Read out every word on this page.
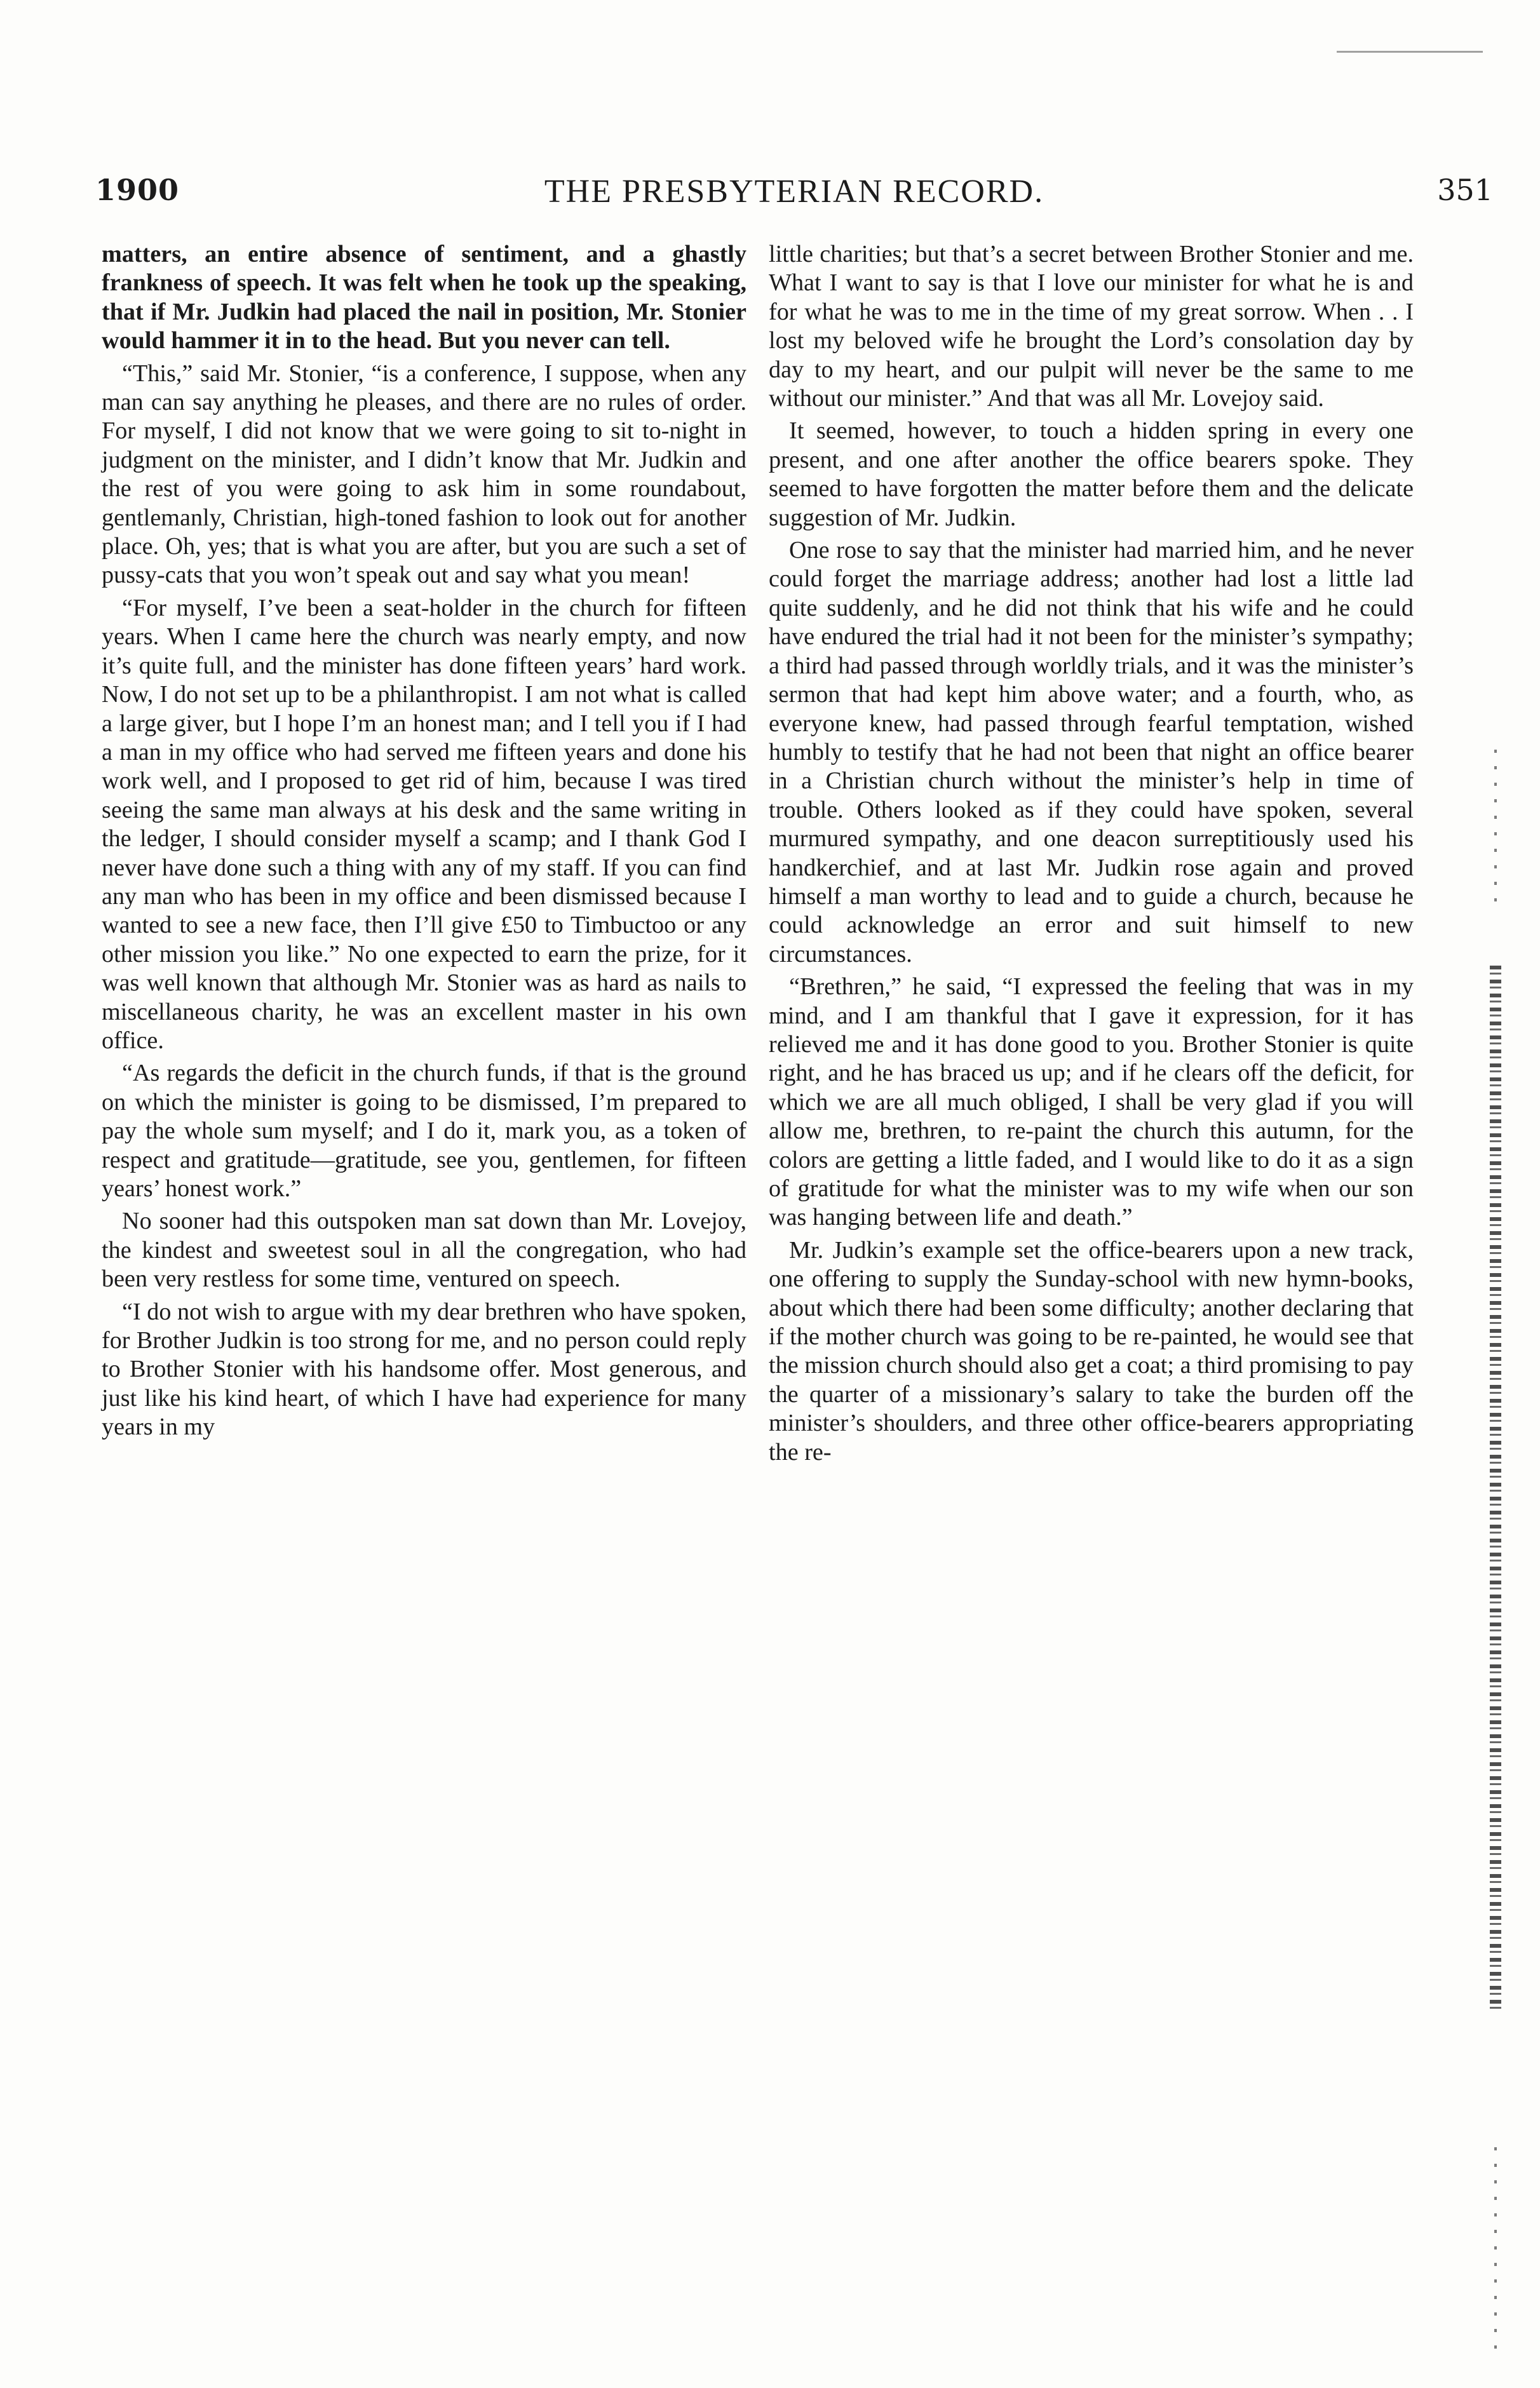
1900	THE PRESBYTERIAN RECORD.	351

matters, an entire absence of sentiment, and a ghastly frankness of speech. It was felt when he took up the speaking, that if Mr. Judkin had placed the nail in position, Mr. Stonier would hammer it in to the head. But you never can tell.

“This,” said Mr. Stonier, “is a conference, I suppose, when any man can say anything he pleases, and there are no rules of order. For myself, I did not know that we were going to sit to-night in judgment on the minister, and I didn’t know that Mr. Judkin and the rest of you were going to ask him in some roundabout, gentlemanly, Christian, high-toned fashion to look out for another place. Oh, yes; that is what you are after, but you are such a set of pussy-cats that you won’t speak out and say what you mean!

“For myself, I’ve been a seat-holder in the church for fifteen years. When I came here the church was nearly empty, and now it’s quite full, and the minister has done fifteen years’ hard work. Now, I do not set up to be a philanthropist. I am not what is called a large giver, but I hope I’m an honest man; and I tell you if I had a man in my office who had served me fifteen years and done his work well, and I proposed to get rid of him, because I was tired seeing the same man always at his desk and the same writing in the ledger, I should consider myself a scamp; and I thank God I never have done such a thing with any of my staff. If you can find any man who has been in my office and been dismissed because I wanted to see a new face, then I’ll give £50 to Timbuctoo or any other mission you like.” No one expected to earn the prize, for it was well known that although Mr. Stonier was as hard as nails to miscellaneous charity, he was an excellent master in his own office.

“As regards the deficit in the church funds, if that is the ground on which the minister is going to be dismissed, I’m prepared to pay the whole sum myself; and I do it, mark you, as a token of respect and gratitude—gratitude, see you, gentlemen, for fifteen years’ honest work.”

No sooner had this outspoken man sat down than Mr. Lovejoy, the kindest and sweetest soul in all the congregation, who had been very restless for some time, ventured on speech.

“I do not wish to argue with my dear brethren who have spoken, for Brother Judkin is too strong for me, and no person could reply to Brother Stonier with his handsome offer. Most generous, and just like his kind heart, of which I have had experience for many years in my

little charities; but that’s a secret between Brother Stonier and me. What I want to say is that I love our minister for what he is and for what he was to me in the time of my great sorrow. When . . I lost my beloved wife he brought the Lord’s consolation day by day to my heart, and our pulpit will never be the same to me without our minister.” And that was all Mr. Lovejoy said.

It seemed, however, to touch a hidden spring in every one present, and one after another the office bearers spoke. They seemed to have forgotten the matter before them and the delicate suggestion of Mr. Judkin.

One rose to say that the minister had married him, and he never could forget the marriage address; another had lost a little lad quite suddenly, and he did not think that his wife and he could have endured the trial had it not been for the minister’s sympathy; a third had passed through worldly trials, and it was the minister’s sermon that had kept him above water; and a fourth, who, as everyone knew, had passed through fearful temptation, wished humbly to testify that he had not been that night an office bearer in a Christian church without the minister’s help in time of trouble. Others looked as if they could have spoken, several murmured sympathy, and one deacon surreptitiously used his handkerchief, and at last Mr. Judkin rose again and proved himself a man worthy to lead and to guide a church, because he could acknowledge an error and suit himself to new circumstances.

“Brethren,” he said, “I expressed the feeling that was in my mind, and I am thankful that I gave it expression, for it has relieved me and it has done good to you. Brother Stonier is quite right, and he has braced us up; and if he clears off the deficit, for which we are all much obliged, I shall be very glad if you will allow me, brethren, to re-paint the church this autumn, for the colors are getting a little faded, and I would like to do it as a sign of gratitude for what the minister was to my wife when our son was hanging between life and death.”

Mr. Judkin’s example set the office-bearers upon a new track, one offering to supply the Sunday-school with new hymn-books, about which there had been some difficulty; another declaring that if the mother church was going to be re-painted, he would see that the mission church should also get a coat; a third promising to pay the quarter of a missionary’s salary to take the burden off the minister’s shoulders, and three other office-bearers appropriating the re-
